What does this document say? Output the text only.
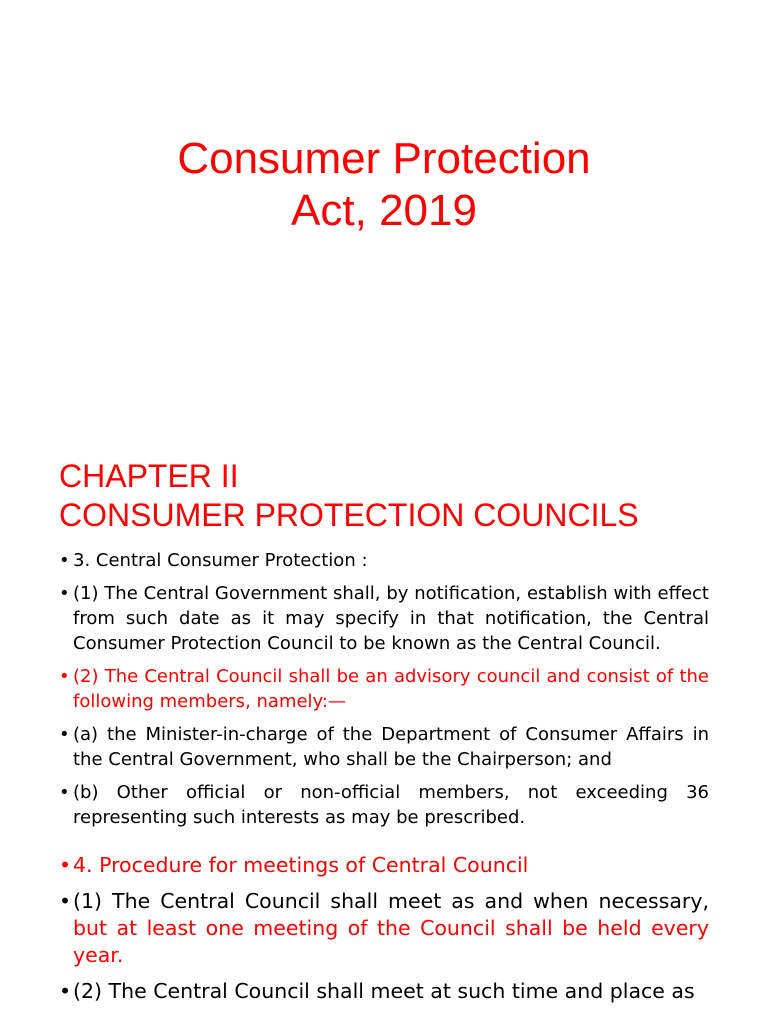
Consumer Protection
Act, 2019
CHAPTER II
CONSUMER PROTECTION COUNCILS
• 3. Central Consumer Protection :
• (1) The Central Government shall, by notification, establish with effect from such date as it may specify in that notification, the Central Consumer Protection Council to be known as the Central Council.
• (2) The Central Council shall be an advisory council and consist of the following members, namely:—
• (a) the Minister-in-charge of the Department of Consumer Affairs in the Central Government, who shall be the Chairperson; and
• (b) Other official or non-official members, not exceeding 36 representing such interests as may be prescribed.
• 4. Procedure for meetings of Central Council
• (1) The Central Council shall meet as and when necessary, but at least one meeting of the Council shall be held every year.
• (2) The Central Council shall meet at such time and place as
